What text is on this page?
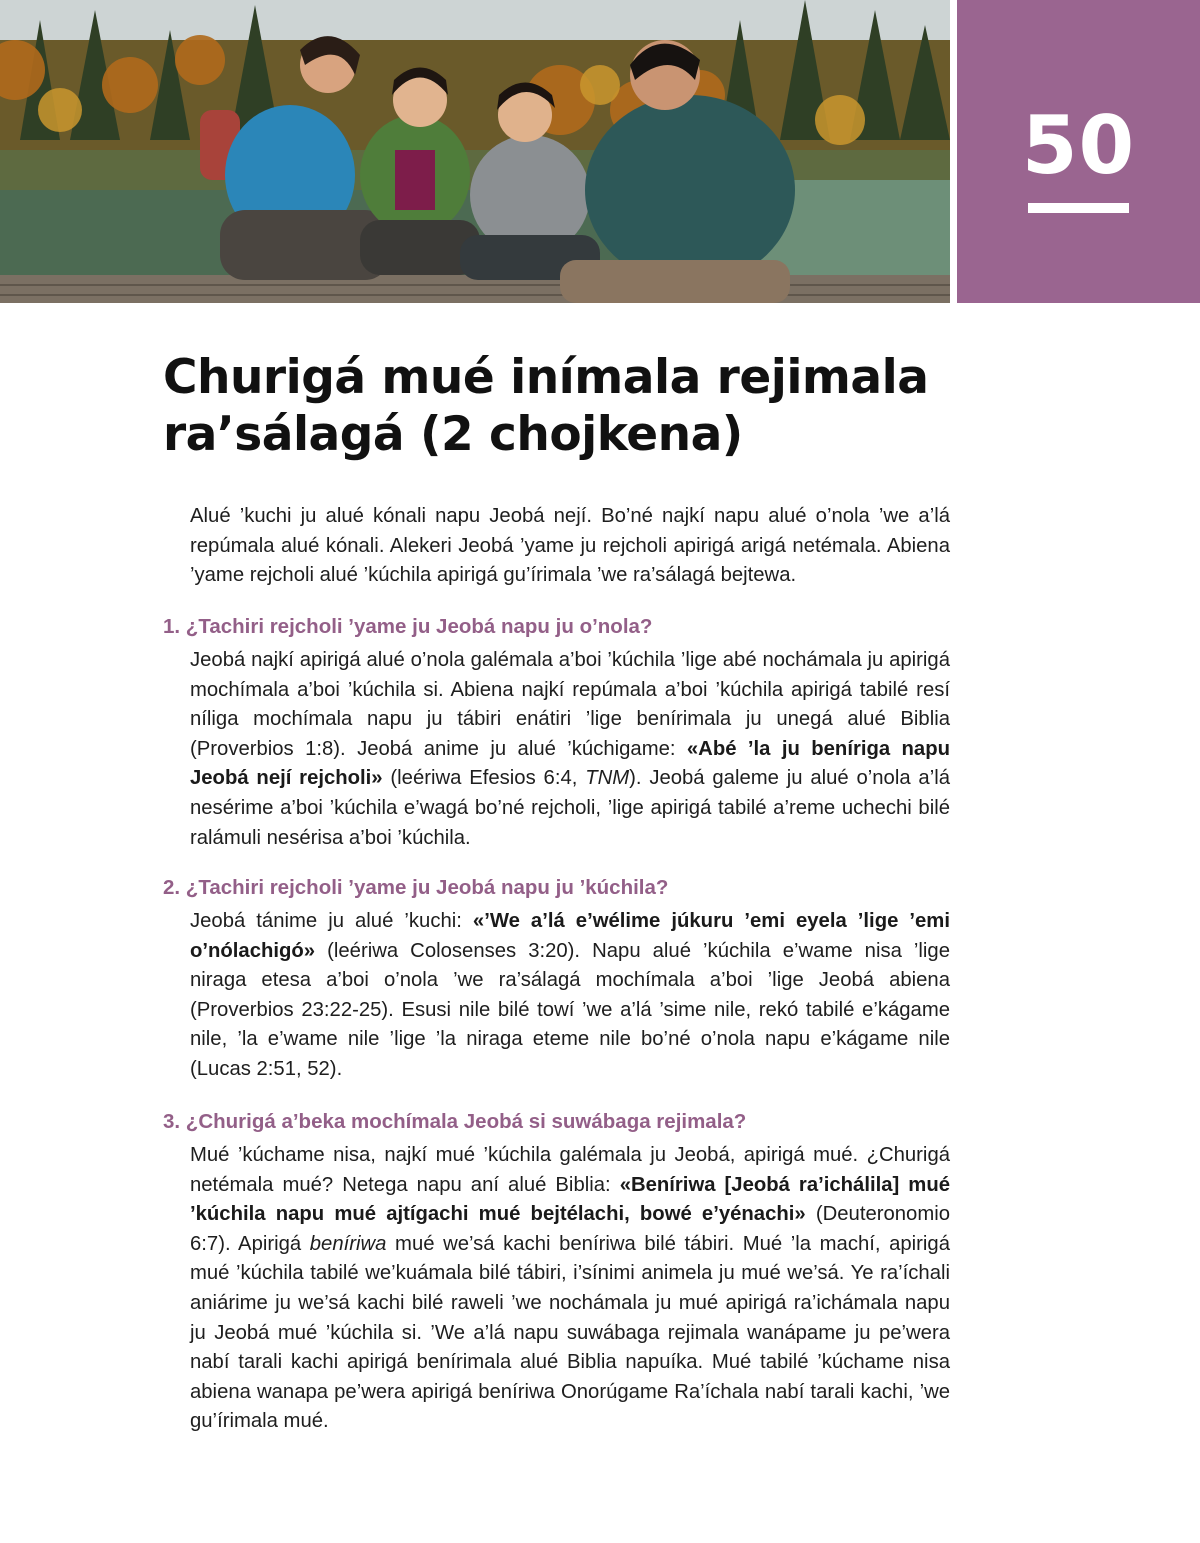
50
Churigá mué inímala rejimala
ra’sálagá (2 chojkena)

Alué ’kuchi ju alué kónali napu Jeobá nejí. Bo’né najkí napu alué o’nola ’we a’lá repúmala alué kónali. Alekeri Jeobá ’yame ju rejcholi apirigá arigá netémala. Abiena ’yame rejcholi alué ’kúchila apirigá gu’írimala ’we ra’sálagá bejtewa.

1. ¿Tachiri rejcholi ’yame ju Jeobá napu ju o’nola?

Jeobá najkí apirigá alué o’nola galémala a’boi ’kúchila ’lige abé nochámala ju apirigá mochímala a’boi ’kúchila si. Abiena najkí repúmala a’boi ’kúchila apirigá tabilé resí níliga mochímala napu ju tábiri enátiri ’lige benírimala ju unegá alué Biblia (Proverbios 1:8). Jeobá anime ju alué ’kúchigame: «Abé ’la ju beníriga napu Jeobá nejí rejcholi» (leériwa Efesios 6:4, TNM). Jeobá galeme ju alué o’nola a’lá nesérime a’boi ’kúchila e’wagá bo’né rejcholi, ’lige apirigá tabilé a’reme uchechi bilé ralámuli nesérisa a’boi ’kúchila.

2. ¿Tachiri rejcholi ’yame ju Jeobá napu ju ’kúchila?

Jeobá tánime ju alué ’kuchi: «’We a’lá e’wélime júkuru ’emi eyela ’lige ’emi o’nólachigó» (leériwa Colosenses 3:20). Napu alué ’kúchila e’wame nisa ’lige niraga etesa a’boi o’nola ’we ra’sálagá mochímala a’boi ’lige Jeobá abiena (Proverbios 23:22-25). Esusi nile bilé towí ’we a’lá ’sime nile, rekó tabilé e’kágame nile, ’la e’wame nile ’lige ’la niraga eteme nile bo’né o’nola napu e’kágame nile (Lucas 2:51, 52).

3. ¿Churigá a’beka mochímala Jeobá si suwábaga rejimala?

Mué ’kúchame nisa, najkí mué ’kúchila galémala ju Jeobá, apirigá mué. ¿Churigá netémala mué? Netega napu aní alué Biblia: «Beníriwa [Jeobá ra’ichálila] mué ’kúchila napu mué ajtígachi mué bejtélachi, bowé e’yénachi» (Deuteronomio 6:7). Apirigá beníriwa mué we’sá kachi beníriwa bilé tábiri. Mué ’la machí, apirigá mué ’kúchila tabilé we’kuámala bilé tábiri, i’sínimi animela ju mué we’sá. Ye ra’íchali aniárime ju we’sá kachi bilé raweli ’we nochámala ju mué apirigá ra’ichámala napu ju Jeobá mué ’kúchila si. ’We a’lá napu suwábaga rejimala wanápame ju pe’wera nabí tarali kachi apirigá benírimala alué Biblia napuíka. Mué tabilé ’kúchame nisa abiena wanapa pe’wera apirigá beníriwa Onorúgame Ra’íchala nabí tarali kachi, ’we gu’írimala mué.
